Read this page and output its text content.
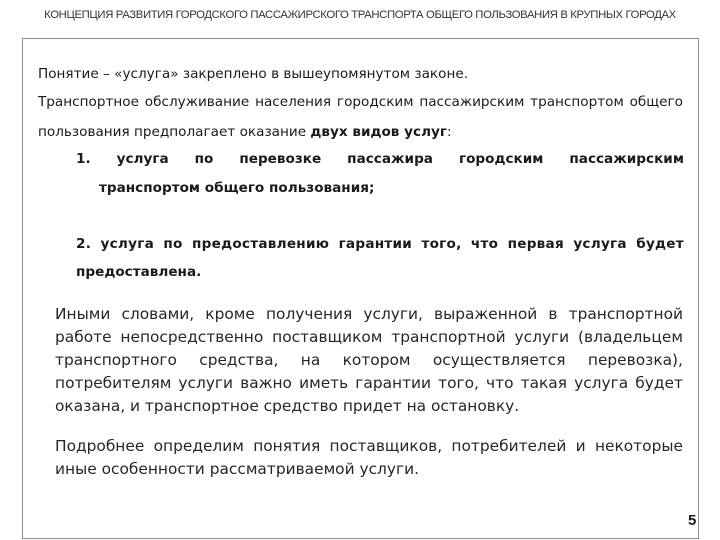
КОНЦЕПЦИЯ РАЗВИТИЯ ГОРОДСКОГО ПАССАЖИРСКОГО ТРАНСПОРТА ОБЩЕГО ПОЛЬЗОВАНИЯ В КРУПНЫХ ГОРОДАХ
Понятие – «услуга» закреплено в вышеупомянутом законе.
Транспортное обслуживание населения городским пассажирским транспортом общего
пользования предполагает оказание двух видов услуг:
1. услуга по перевозке пассажира городским пассажирским
транспортом общего пользования;
2. услуга по предоставлению гарантии того, что первая услуга будет
предоставлена.
Иными словами, кроме получения услуги, выраженной в транспортной
работе непосредственно поставщиком транспортной услуги (владельцем
транспортного средства, на котором осуществляется перевозка),
потребителям услуги важно иметь гарантии того, что такая услуга будет
оказана, и транспортное средство придет на остановку.
Подробнее определим понятия поставщиков, потребителей и некоторые
иные особенности рассматриваемой услуги.
5
